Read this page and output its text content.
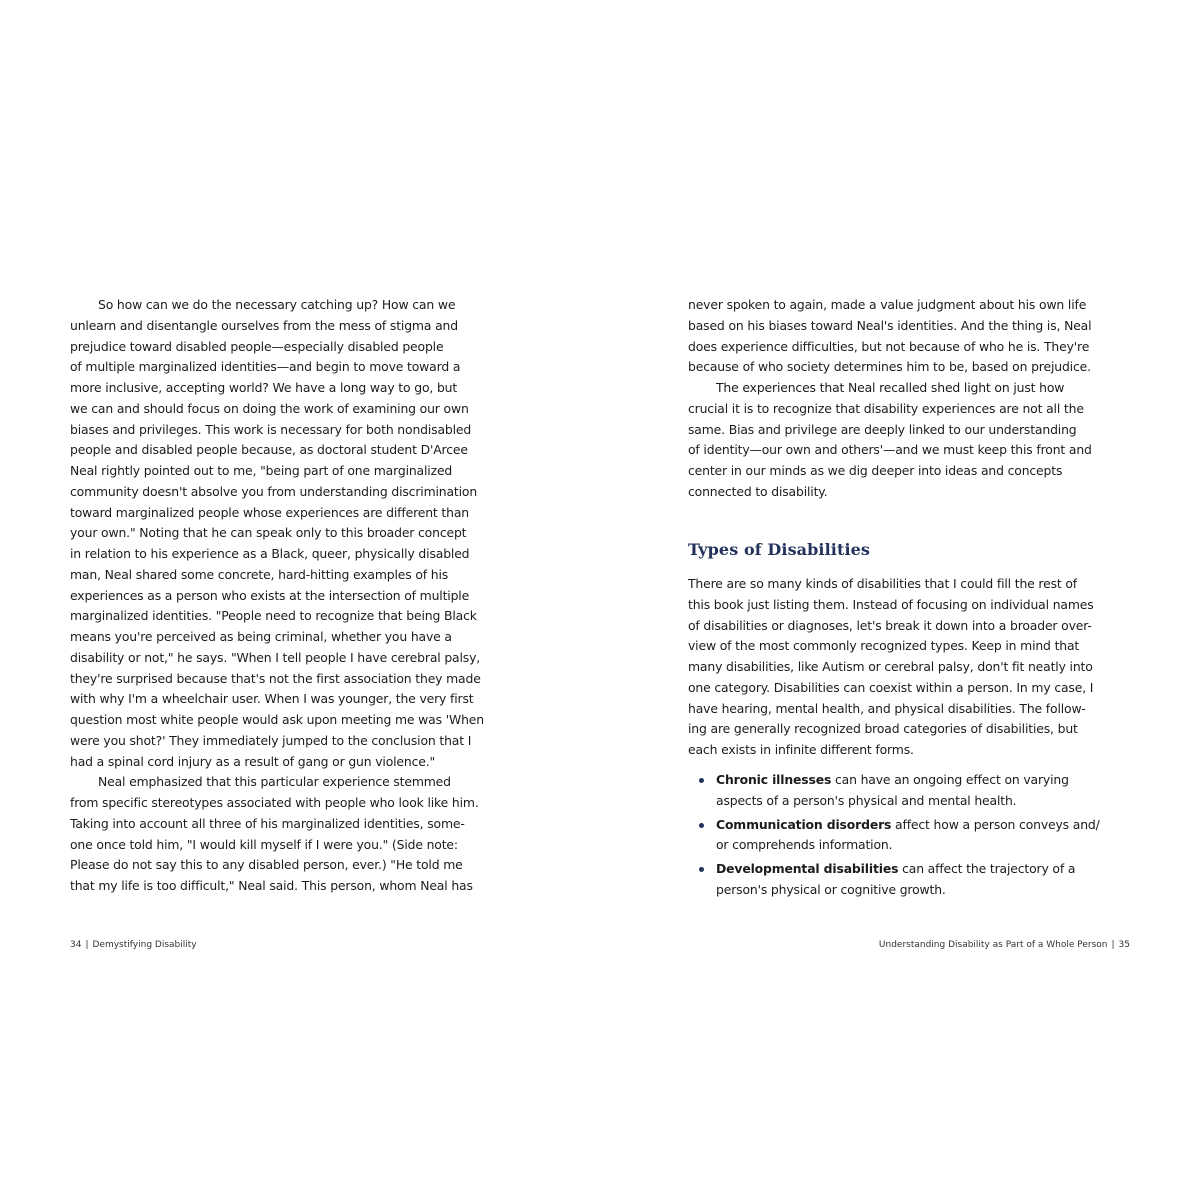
So how can we do the necessary catching up? How can we
unlearn and disentangle ourselves from the mess of stigma and
prejudice toward disabled people—especially disabled people
of multiple marginalized identities—and begin to move toward a
more inclusive, accepting world? We have a long way to go, but
we can and should focus on doing the work of examining our own
biases and privileges. This work is necessary for both nondisabled
people and disabled people because, as doctoral student D'Arcee
Neal rightly pointed out to me, "being part of one marginalized
community doesn't absolve you from understanding discrimination
toward marginalized people whose experiences are different than
your own." Noting that he can speak only to this broader concept
in relation to his experience as a Black, queer, physically disabled
man, Neal shared some concrete, hard-hitting examples of his
experiences as a person who exists at the intersection of multiple
marginalized identities. "People need to recognize that being Black
means you're perceived as being criminal, whether you have a
disability or not," he says. "When I tell people I have cerebral palsy,
they're surprised because that's not the first association they made
with why I'm a wheelchair user. When I was younger, the very first
question most white people would ask upon meeting me was 'When
were you shot?' They immediately jumped to the conclusion that I
had a spinal cord injury as a result of gang or gun violence."
Neal emphasized that this particular experience stemmed
from specific stereotypes associated with people who look like him.
Taking into account all three of his marginalized identities, some-
one once told him, "I would kill myself if I were you." (Side note:
Please do not say this to any disabled person, ever.) "He told me
that my life is too difficult," Neal said. This person, whom Neal has
34 | Demystifying Disability
never spoken to again, made a value judgment about his own life
based on his biases toward Neal's identities. And the thing is, Neal
does experience difficulties, but not because of who he is. They're
because of who society determines him to be, based on prejudice.
The experiences that Neal recalled shed light on just how
crucial it is to recognize that disability experiences are not all the
same. Bias and privilege are deeply linked to our understanding
of identity—our own and others'—and we must keep this front and
center in our minds as we dig deeper into ideas and concepts
connected to disability.
Types of Disabilities
There are so many kinds of disabilities that I could fill the rest of
this book just listing them. Instead of focusing on individual names
of disabilities or diagnoses, let's break it down into a broader over-
view of the most commonly recognized types. Keep in mind that
many disabilities, like Autism or cerebral palsy, don't fit neatly into
one category. Disabilities can coexist within a person. In my case, I
have hearing, mental health, and physical disabilities. The follow-
ing are generally recognized broad categories of disabilities, but
each exists in infinite different forms.
Chronic illnesses can have an ongoing effect on varying
aspects of a person's physical and mental health.
Communication disorders affect how a person conveys and/
or comprehends information.
Developmental disabilities can affect the trajectory of a
person's physical or cognitive growth.
Understanding Disability as Part of a Whole Person | 35
